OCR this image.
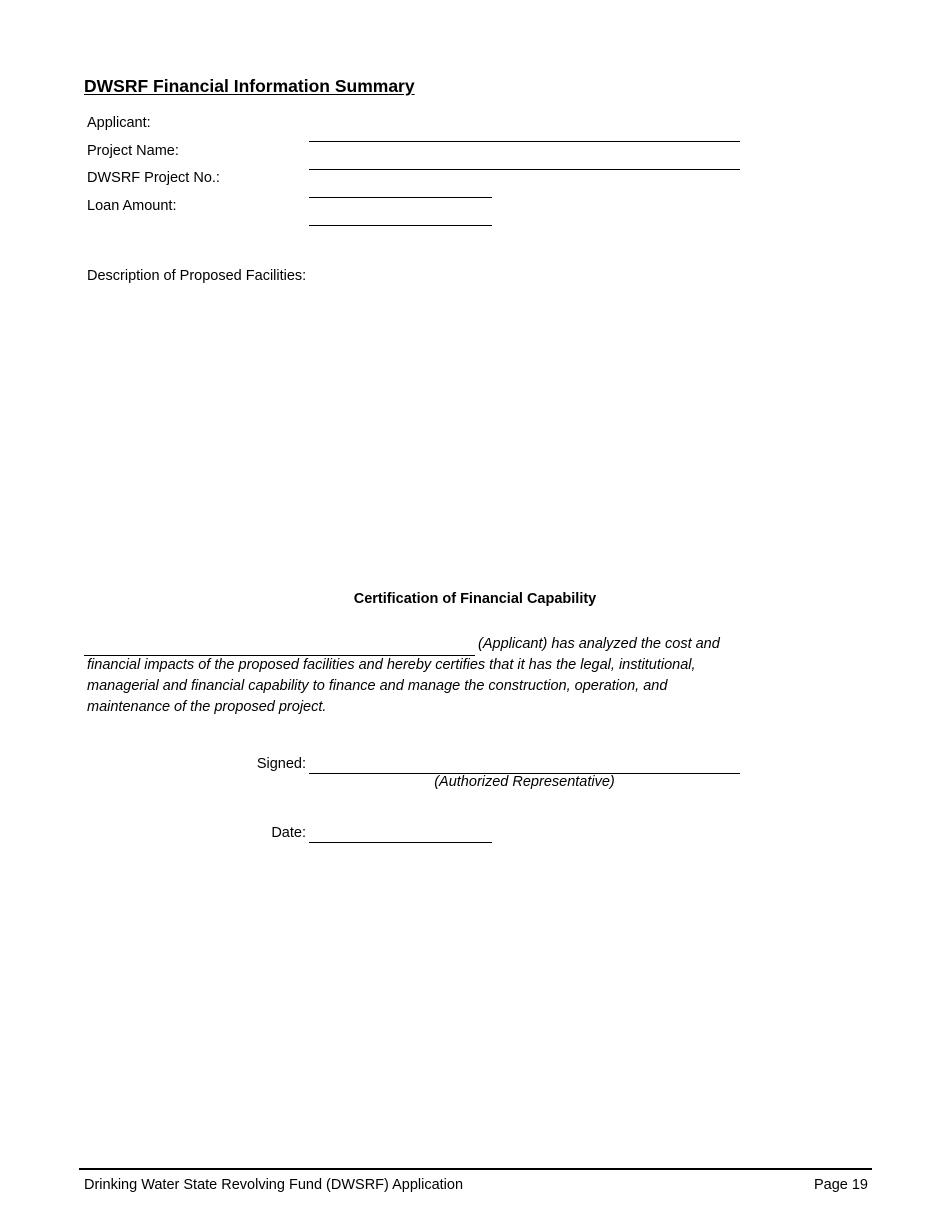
DWSRF Financial Information Summary
Applicant:
Project Name:
DWSRF Project No.:
Loan Amount:
Description of Proposed Facilities:
Certification of Financial Capability
(Applicant) has analyzed the cost and
financial impacts of the proposed facilities and hereby certifies that it has the legal, institutional,
managerial and financial capability to finance and manage the construction, operation, and
maintenance of the proposed project.
Signed:
(Authorized Representative)
Date:
Drinking Water State Revolving Fund (DWSRF) Application	Page 19
